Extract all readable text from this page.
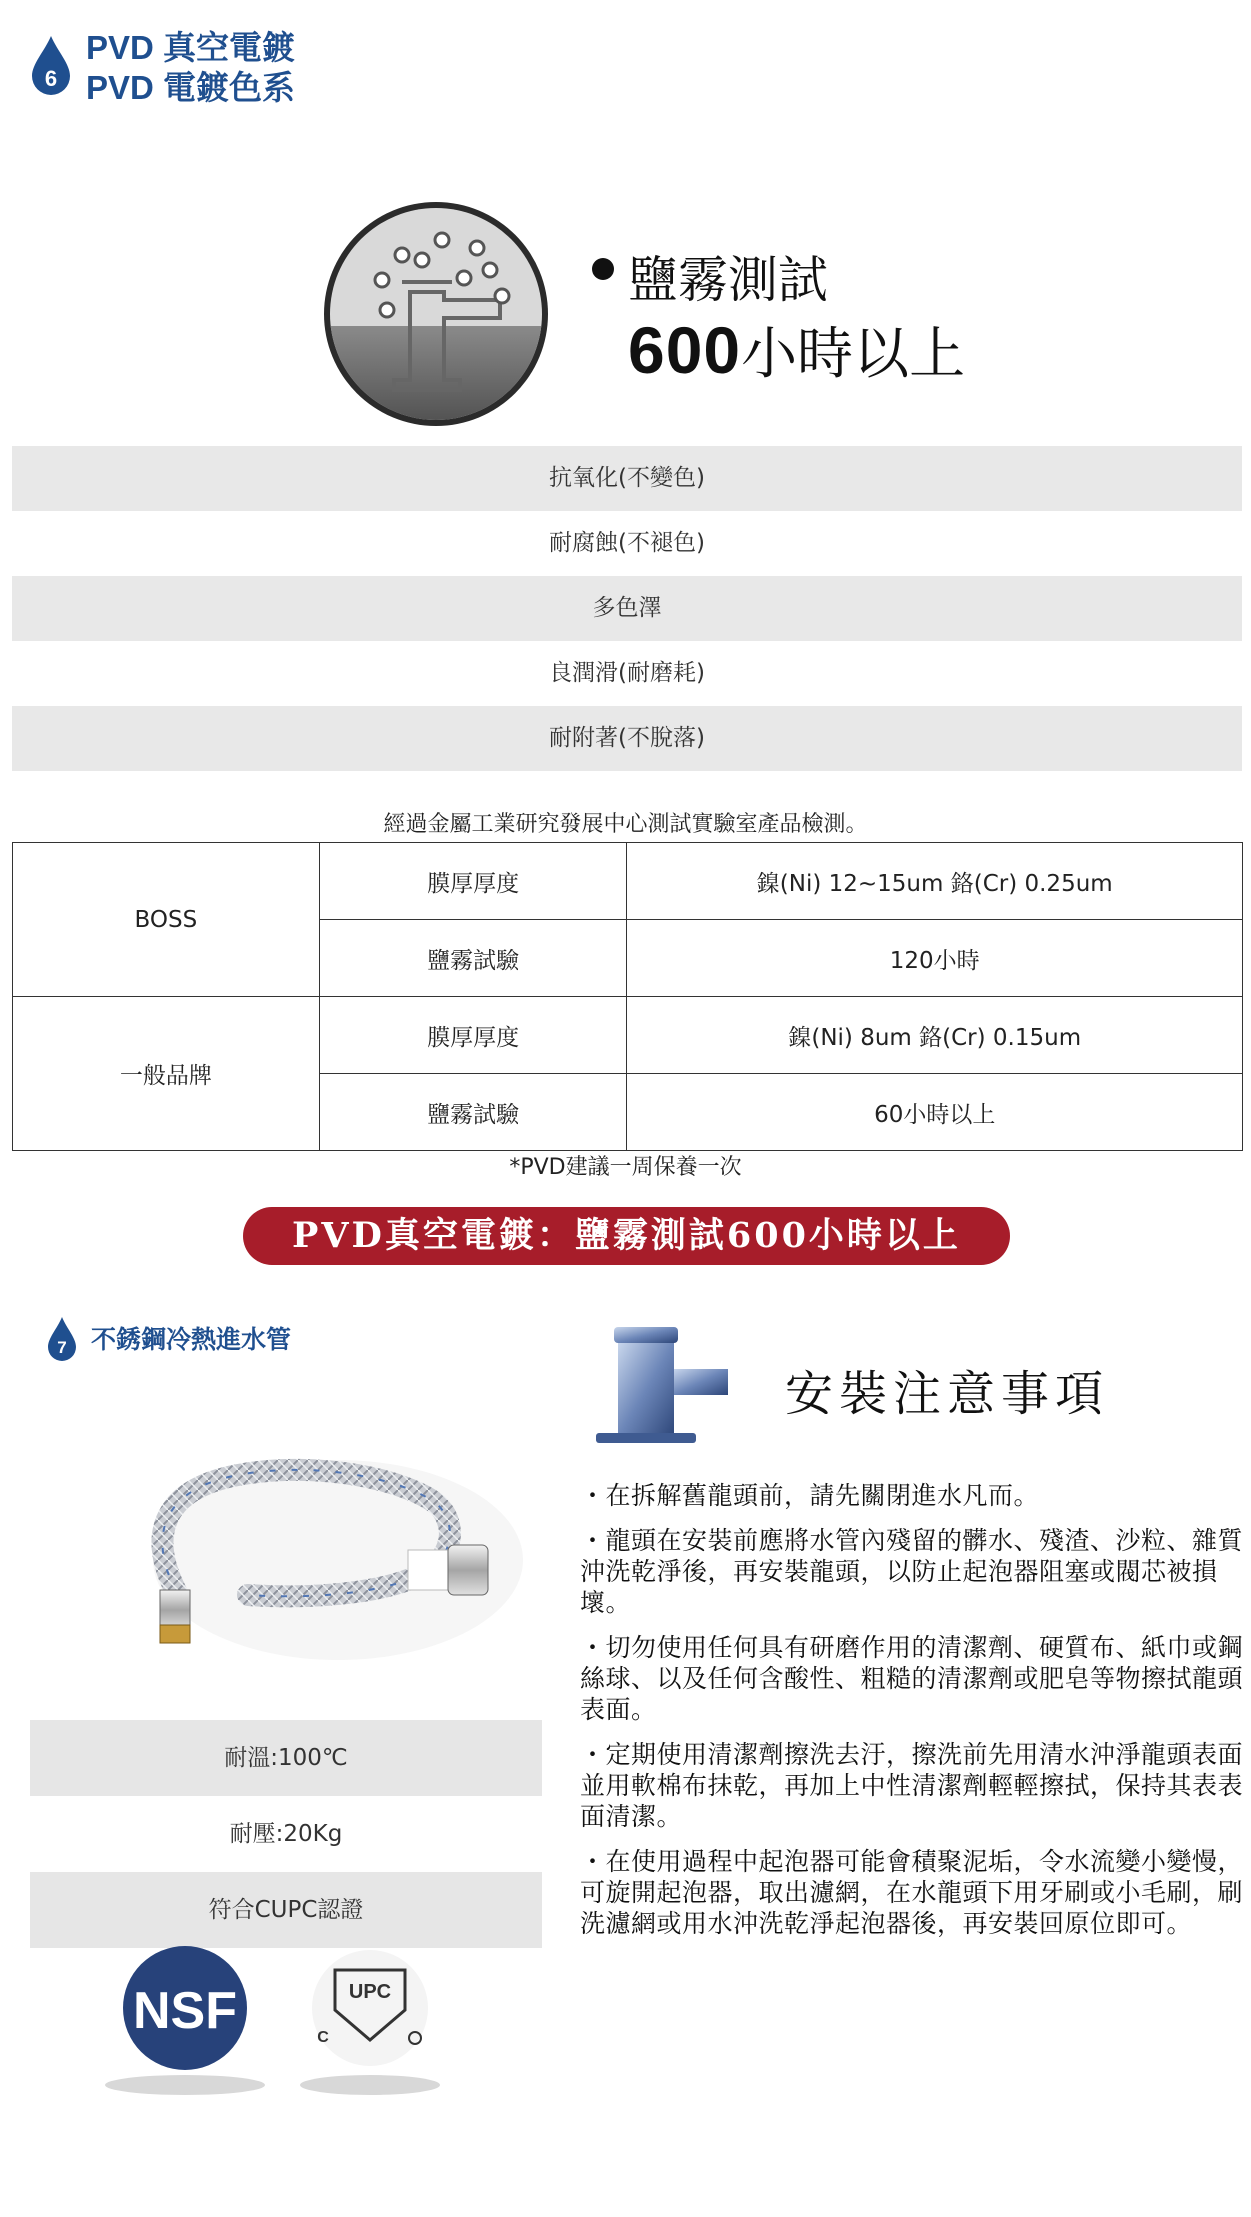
6
PVD 真空電鍍
PVD 電鍍色系
鹽霧測試
600小時以上
抗氧化(不變色)
耐腐蝕(不褪色)
多色澤
良潤滑(耐磨耗)
耐附著(不脫落)
經過金屬工業研究發展中心測試實驗室產品檢測。
BOSS	膜厚厚度	鎳(Ni) 12~15um 鉻(Cr) 0.25um
	鹽霧試驗	120小時
一般品牌	膜厚厚度	鎳(Ni) 8um 鉻(Cr) 0.15um
	鹽霧試驗	60小時以上
*PVD建議一周保養一次
PVD真空電鍍：鹽霧測試600小時以上
7 不銹鋼冷熱進水管
耐溫:100℃
耐壓:20Kg
符合CUPC認證
NSF	UPC
C
安裝注意事項
・在拆解舊龍頭前，請先關閉進水凡而。
・龍頭在安裝前應將水管內殘留的髒水、殘渣、沙粒、雜質沖洗乾淨後，再安裝龍頭，以防止起泡器阻塞或閥芯被損壞。
・切勿使用任何具有研磨作用的清潔劑、硬質布、紙巾或鋼絲球、以及任何含酸性、粗糙的清潔劑或肥皂等物擦拭龍頭表面。
・定期使用清潔劑擦洗去汙，擦洗前先用清水沖淨龍頭表面並用軟棉布抹乾，再加上中性清潔劑輕輕擦拭，保持其表表面清潔。
・在使用過程中起泡器可能會積聚泥垢，令水流變小變慢，可旋開起泡器，取出濾網，在水龍頭下用牙刷或小毛刷，刷洗濾網或用水沖洗乾淨起泡器後，再安裝回原位即可。
